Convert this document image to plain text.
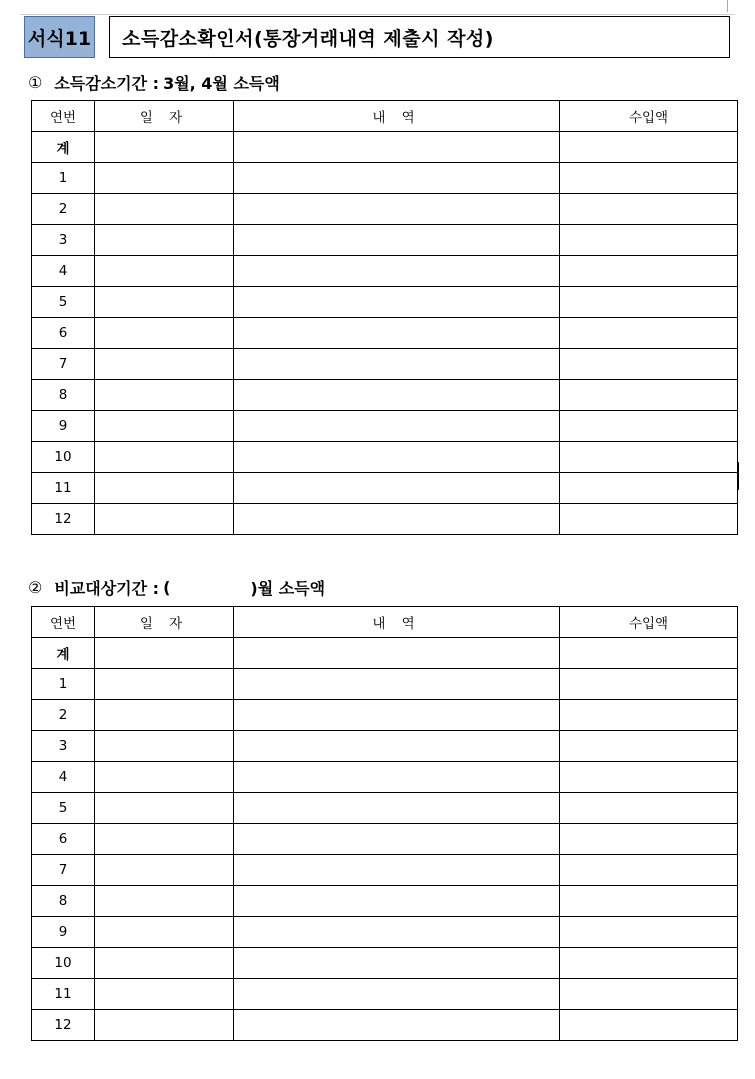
서식11 소득감소확인서(통장거래내역 제출시 작성)
① 소득감소기간 : 3월, 4월 소득액
연번	일 자	내 역	수입액
계			
1			
2			
3			
4			
5			
6			
7			
8			
9			
10			
11			
12			
② 비교대상기간 : (	)월 소득액
연번	일 자	내 역	수입액
계			
1			
2			
3			
4			
5			
6			
7			
8			
9			
10			
11			
12			
